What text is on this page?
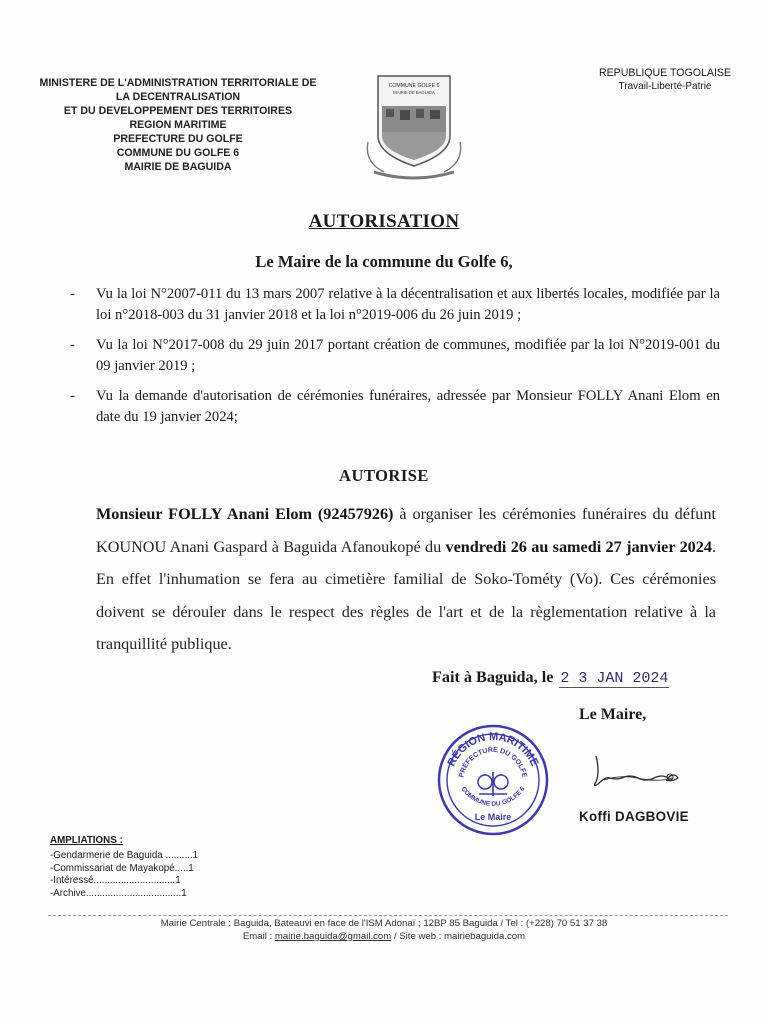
MINISTERE DE L'ADMINISTRATION TERRITORIALE DE
LA DECENTRALISATION
ET DU DEVELOPPEMENT DES TERRITOIRES
REGION MARITIME
PREFECTURE DU GOLFE
COMMUNE DU GOLFE 6
MAIRIE DE BAGUIDA
COMMUNE GOLFE 6
MAIRIE DE BAGUIDA
REPUBLIQUE TOGOLAISE
Travail-Liberté-Patrie
AUTORISATION
Le Maire de la commune du Golfe 6,
- Vu la loi N°2007-011 du 13 mars 2007 relative à la décentralisation et aux libertés locales, modifiée par la loi n°2018-003 du 31 janvier 2018 et la loi n°2019-006 du 26 juin 2019 ;
- Vu la loi N°2017-008 du 29 juin 2017 portant création de communes, modifiée par la loi N°2019-001 du 09 janvier 2019 ;
- Vu la demande d'autorisation de cérémonies funéraires, adressée par Monsieur FOLLY Anani Elom en date du 19 janvier 2024;
AUTORISE
Monsieur FOLLY Anani Elom (92457926) à organiser les cérémonies funéraires du défunt KOUNOU Anani Gaspard à Baguida Afanoukopé du vendredi 26 au samedi 27 janvier 2024. En effet l'inhumation se fera au cimetière familial de Soko-Tométy (Vo). Ces cérémonies doivent se dérouler dans le respect des règles de l'art et de la règlementation relative à la tranquillité publique.
Fait à Baguida, le 2 3 JAN 2024
Le Maire,
RÉGION MARITIME
PRÉFECTURE DU GOLFE
COMMUNE DU GOLFE 6
Le Maire	Koffi DAGBOVIE
AMPLIATIONS :
-Gendarmerie de Baguida ..........1
-Commissariat de Mayakopé.....1
-Intéressé..............................1
-Archive...................................1
Mairie Centrale : Baguida, Bateauvi en face de l'ISM Adonaï ; 12BP 85 Baguida / Tel : (+228) 70 51 37 38
Email : mairie.baguida@gmail.com / Site web : mairiebaguida.com
